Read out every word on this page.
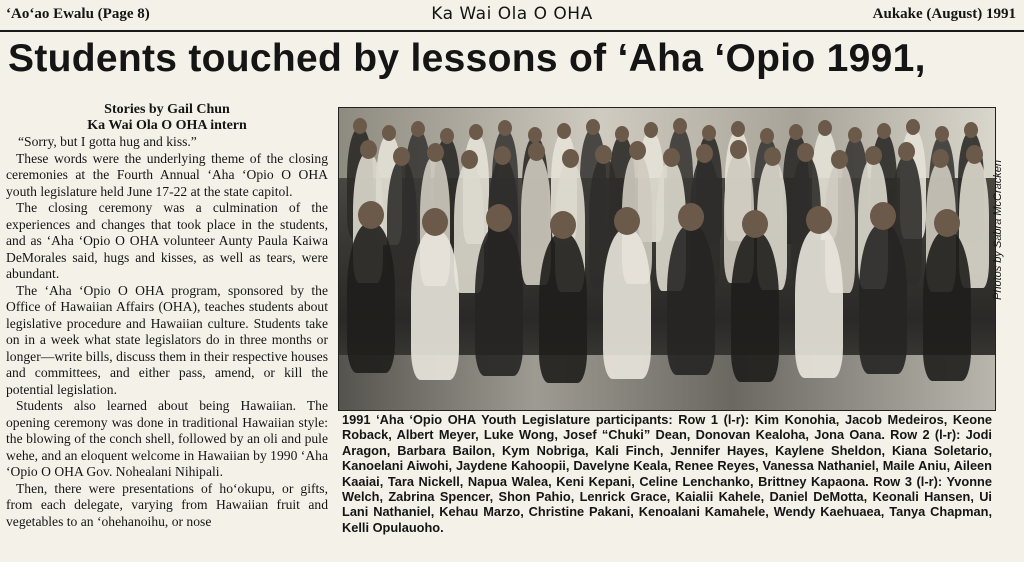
‘Ao‘ao Ewalu (Page 8)	Ka Wai Ola O OHA	Aukake (August) 1991
Students touched by lessons of ‘Aha ‘Opio 1991,
Stories by Gail Chun
Ka Wai Ola O OHA intern

“Sorry, but I gotta hug and kiss.”

These words were the underlying theme of the closing ceremonies at the Fourth Annual ‘Aha ‘Opio O OHA youth legislature held June 17-22 at the state capitol.

The closing ceremony was a culmination of the experiences and changes that took place in the students, and as ‘Aha ‘Opio O OHA volunteer Aunty Paula Kaiwa DeMorales said, hugs and kisses, as well as tears, were abundant.

The ‘Aha ‘Opio O OHA program, sponsored by the Office of Hawaiian Affairs (OHA), teaches students about legislative procedure and Hawaiian culture. Students take on in a week what state legislators do in three months or longer—write bills, discuss them in their respective houses and committees, and either pass, amend, or kill the potential legislation.

Students also learned about being Hawaiian. The opening ceremony was done in traditional Hawaiian style: the blowing of the conch shell, followed by an oli and pule wehe, and an eloquent welcome in Hawaiian by 1990 ‘Aha ‘Opio O OHA Gov. Nohealani Nihipali.

Then, there were presentations of ho‘okupu, or gifts, from each delegate, varying from Hawaiian fruit and vegetables to an ‘ohehanoihu, or nose

Photos by Sabra McCracken
1991 ‘Aha ‘Opio OHA Youth Legislature participants: Row 1 (l-r): Kim Konohia, Jacob Medeiros, Keone Roback, Albert Meyer, Luke Wong, Josef “Chuki” Dean, Donovan Kealoha, Jona Oana. Row 2 (l-r): Jodi Aragon, Barbara Bailon, Kym Nobriga, Kali Finch, Jennifer Hayes, Kaylene Sheldon, Kiana Soletario, Kanoelani Aiwohi, Jaydene Kahoopii, Davelyne Keala, Renee Reyes, Vanessa Nathaniel, Maile Aniu, Aileen Kaaiai, Tara Nickell, Napua Walea, Keni Kepani, Celine Lenchanko, Brittney Kapaona. Row 3 (l-r): Yvonne Welch, Zabrina Spencer, Shon Pahio, Lenrick Grace, Kaialii Kahele, Daniel DeMotta, Keonali Hansen, Ui Lani Nathaniel, Kehau Marzo, Christine Pakani, Kenoalani Kamahele, Wendy Kaehuaea, Tanya Chapman, Kelli Opulauoho.
